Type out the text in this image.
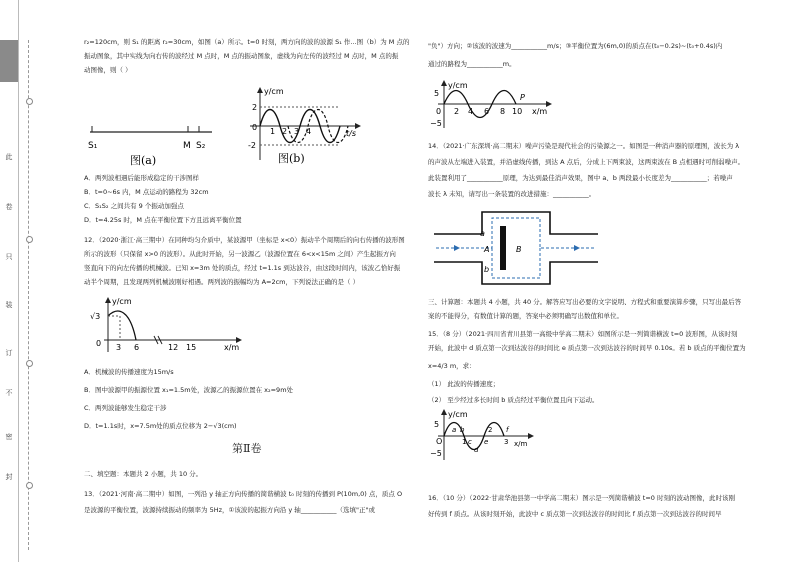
此
卷
只
装
订
不
密
封

r₂=120cm，则 S₁ 的距离 r₂=30cm，如图（a）所示。t=0 时刻，两方向的波的波源 S₁ 作...图（b）为 M 点的

振动图象，其中实线为向右传的波经过 M 点时，M 点的振动图象，虚线为向左传的波经过 M 点时，M 点的振

动图像，则（ ）

S₁	M S₂
图(a)
y/cm
t/s
2
-2
0 1 2 3 4
图(b)

A．两列波相遇后能形成稳定的干涉图样

B．t=0~6s 内，M 点运动的路程为 32cm

C．S₁S₂ 之间共有 9 个振动加强点

D．t=4.25s 时，M 点在平衡位置下方且远离平衡位置

12．（2020·浙江·高三期中）在同种均匀介质中，某波源甲（坐标是 x<0）振动半个周期后的向右传播的波形图

所示的波形（只保留 x>0 的波形）。从此时开始，另一波源乙（波源位置在 6<x<15m 之间）产生起振方向

竖直向下的向左传播的机械波。已知 x=3m 处的质点，经过 t=1.1s 到达波谷，由这段时间内，该波乙恰好振

动半个周期，且发现两列机械波刚好相遇。两列波的振幅均为 A=2cm，下列说法正确的是（ ）

y/cm
√3
0 3 6	12 15	x/m

A．机械波的传播速度为15m/s

B．图中波源甲的振源位置 x₁=1.5m处，波源乙的振源位置在 x₂=9m处

C．两列波能够发生稳定干涉

D．t=1.1s时，x=7.5m处的质点位移为 2−√3(cm)

第Ⅱ卷

二、填空题：本题共 2 小题，共 10 分。

13．（2021·河南·高二期中）如图，一列沿 y 轴正方向传播的简谐横波 t₀ 时刻的传播到 P(10m,0) 点，质点 O

是波源的平衡位置，波源持续振动的频率为 5Hz，①该波的起振方向沿 y 轴___________（选填"正"或

"负"）方向；②该波的波速为___________m/s；③平衡位置为(6m,0)的质点在(t₀−0.2s)~(t₀+0.4s)内

通过的路程为___________m。

y/cm
5
−5
0 2 4 6 8 10
P
x/m

14．（2021·广东深圳·高二期末）噪声污染是现代社会的污染源之一。如图是一种消声器的原理图，波长为 λ

的声波从左端进入装置，并沿虚线传播，到达 A 点后，分成上下两束波，这两束波在 B 点相遇时可削弱噪声。

此装置利用了___________原理，为达到最佳消声效果，图中 a、b 两段最小长度差为___________；若噪声

波长 λ 未知，请写出一条装置的改进措施：___________。

a
A	B
b

三、计算题：本题共 4 小题，共 40 分。解答应写出必要的文字说明、方程式和重要演算步骤，只写出最后答

案的不能得分，有数值计算的题，答案中必须明确写出数值和单位。

15．（8 分）（2021·四川省青川县第一高级中学高二期末）如图所示是一列简谐横波 t=0 波形图，从该时刻

开始，此波中 d 质点第一次到达波谷的时间比 e 质点第一次到达波谷的时间早 0.10s。若 b 质点的平衡位置为

x=4/3 m，求：

（1） 此波的传播速度；

（2） 至少经过多长时间 b 质点经过平衡位置且向下运动。

y/cm
5
−5
O
a b
c
d
e
f
1
2
3 x/m

16．（10 分）（2022·甘肃华池县第一中学高二期末）图示是一列简谐横波 t=0 时刻的波动图像，此时该刚

好传到 f 质点。从该时刻开始，此波中 c 质点第一次到达波谷的时间比 f 质点第一次到达波谷的时间早
